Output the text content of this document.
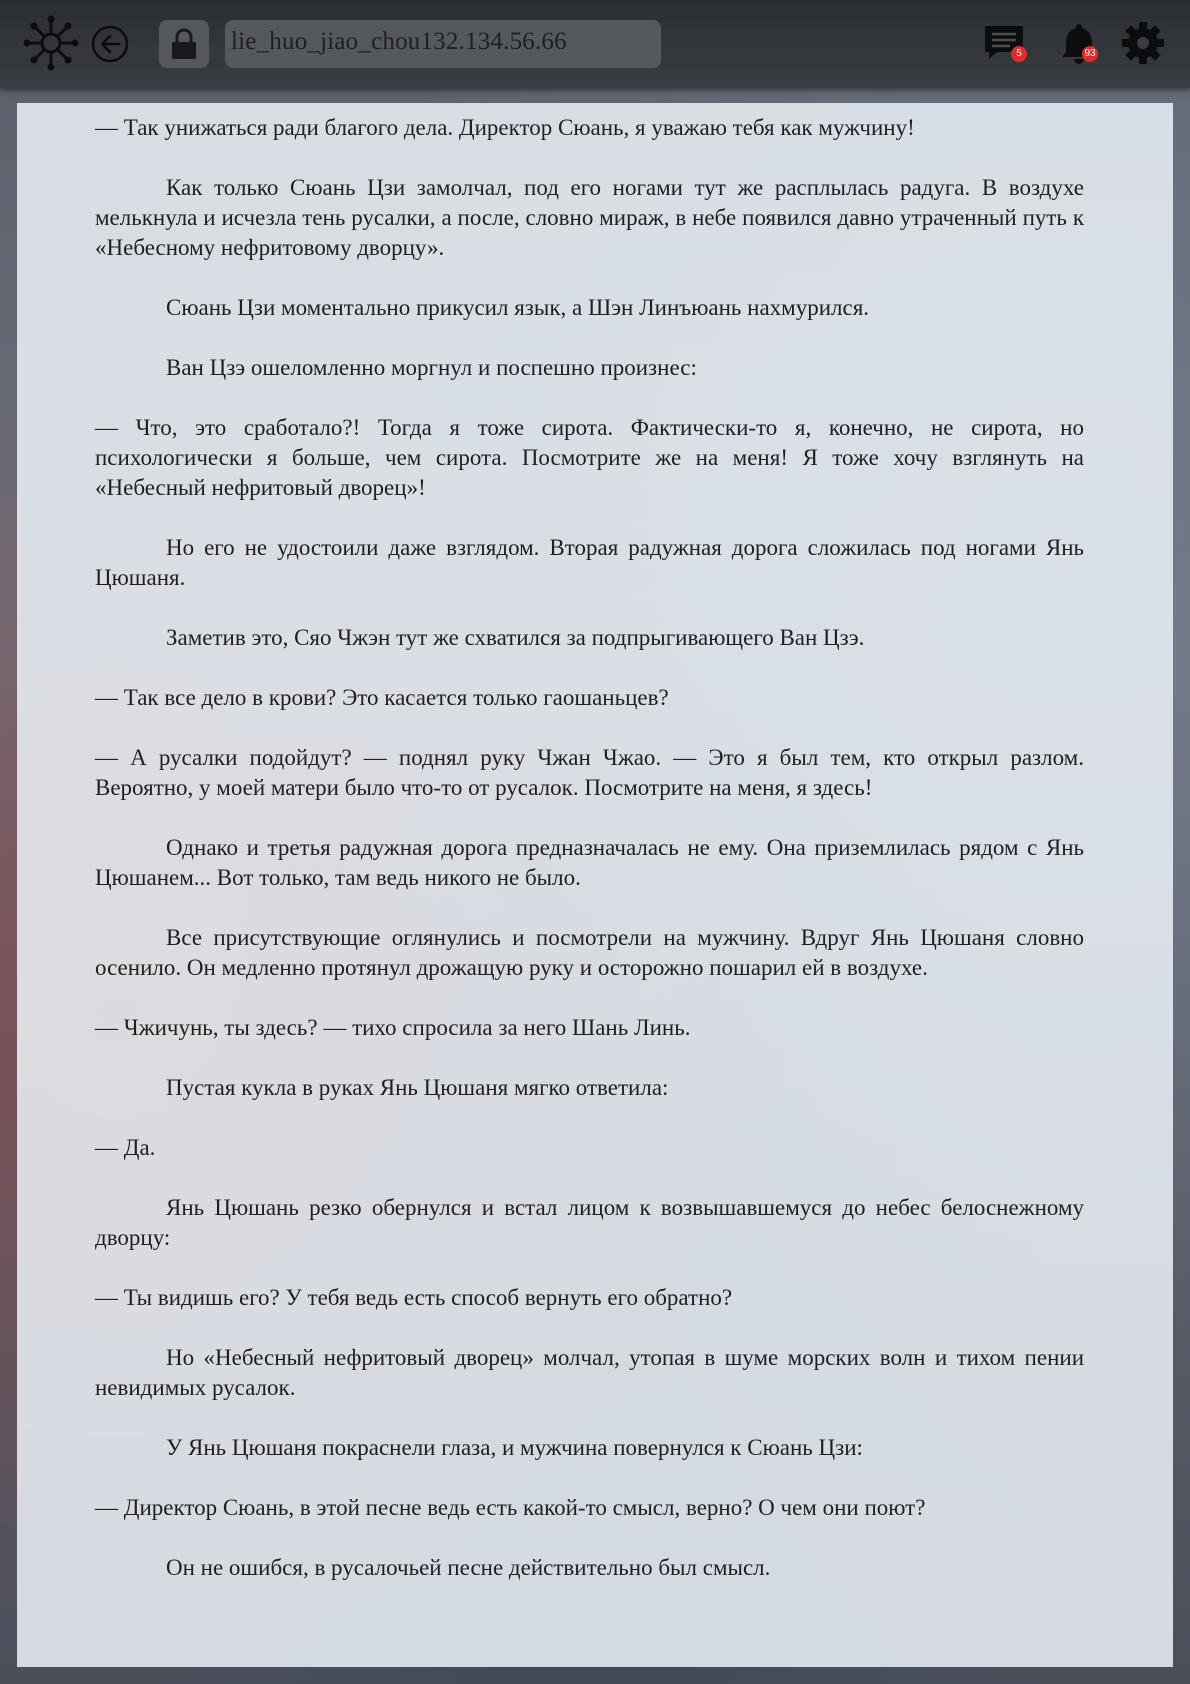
lie_huo_jiao_chou132.134.56.66	5	93

— Так унижаться ради благого дела. Директор Сюань, я уважаю тебя как мужчину!

Как только Сюань Цзи замолчал, под его ногами тут же расплылась радуга. В воздухе мелькнула и исчезла тень русалки, а после, словно мираж, в небе появился давно утраченный путь к «Небесному нефритовому дворцу».

Сюань Цзи моментально прикусил язык, а Шэн Линъюань нахмурился.

Ван Цзэ ошеломленно моргнул и поспешно произнес:

— Что, это сработало?! Тогда я тоже сирота. Фактически-то я, конечно, не сирота, но психологически я больше, чем сирота. Посмотрите же на меня! Я тоже хочу взглянуть на «Небесный нефритовый дворец»!

Но его не удостоили даже взглядом. Вторая радужная дорога сложилась под ногами Янь Цюшаня.

Заметив это, Сяо Чжэн тут же схватился за подпрыгивающего Ван Цзэ.

— Так все дело в крови? Это касается только гаошаньцев?

— А русалки подойдут? — поднял руку Чжан Чжао. — Это я был тем, кто открыл разлом. Вероятно, у моей матери было что-то от русалок. Посмотрите на меня, я здесь!

Однако и третья радужная дорога предназначалась не ему. Она приземлилась рядом с Янь Цюшанем... Вот только, там ведь никого не было.

Все присутствующие оглянулись и посмотрели на мужчину. Вдруг Янь Цюшаня словно осенило. Он медленно протянул дрожащую руку и осторожно пошарил ей в воздухе.

— Чжичунь, ты здесь? — тихо спросила за него Шань Линь.

Пустая кукла в руках Янь Цюшаня мягко ответила:

— Да.

Янь Цюшань резко обернулся и встал лицом к возвышавшемуся до небес белоснежному дворцу:

— Ты видишь его? У тебя ведь есть способ вернуть его обратно?

Но «Небесный нефритовый дворец» молчал, утопая в шуме морских волн и тихом пении невидимых русалок.

У Янь Цюшаня покраснели глаза, и мужчина повернулся к Сюань Цзи:

— Директор Сюань, в этой песне ведь есть какой-то смысл, верно? О чем они поют?

Он не ошибся, в русалочьей песне действительно был смысл.
